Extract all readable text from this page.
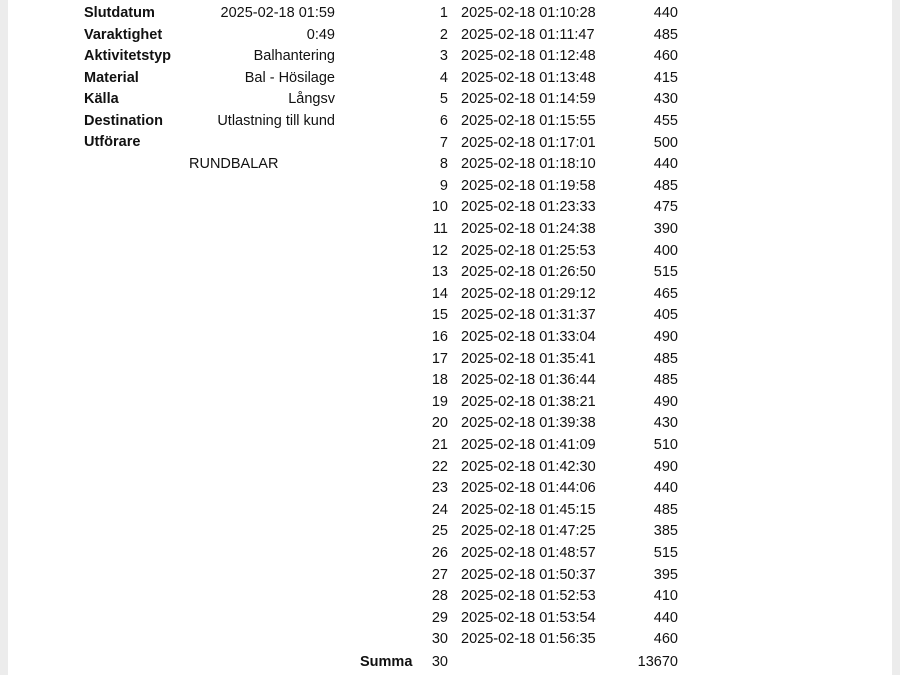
Slutdatum	2025-02-18 01:59
Varaktighet	0:49
Aktivitetstyp	Balhantering
Material	Bal - Hösilage
Källa	Långsv
Destination	Utlastning till kund
Utförare
RUNDBALAR
1 2025-02-18 01:10:28	440
2 2025-02-18 01:11:47	485
3 2025-02-18 01:12:48	460
4 2025-02-18 01:13:48	415
5 2025-02-18 01:14:59	430
6 2025-02-18 01:15:55	455
7 2025-02-18 01:17:01	500
8 2025-02-18 01:18:10	440
9 2025-02-18 01:19:58	485
10 2025-02-18 01:23:33	475
11 2025-02-18 01:24:38	390
12 2025-02-18 01:25:53	400
13 2025-02-18 01:26:50	515
14 2025-02-18 01:29:12	465
15 2025-02-18 01:31:37	405
16 2025-02-18 01:33:04	490
17 2025-02-18 01:35:41	485
18 2025-02-18 01:36:44	485
19 2025-02-18 01:38:21	490
20 2025-02-18 01:39:38	430
21 2025-02-18 01:41:09	510
22 2025-02-18 01:42:30	490
23 2025-02-18 01:44:06	440
24 2025-02-18 01:45:15	485
25 2025-02-18 01:47:25	385
26 2025-02-18 01:48:57	515
27 2025-02-18 01:50:37	395
28 2025-02-18 01:52:53	410
29 2025-02-18 01:53:54	440
30 2025-02-18 01:56:35	460
Summa	30	13670
